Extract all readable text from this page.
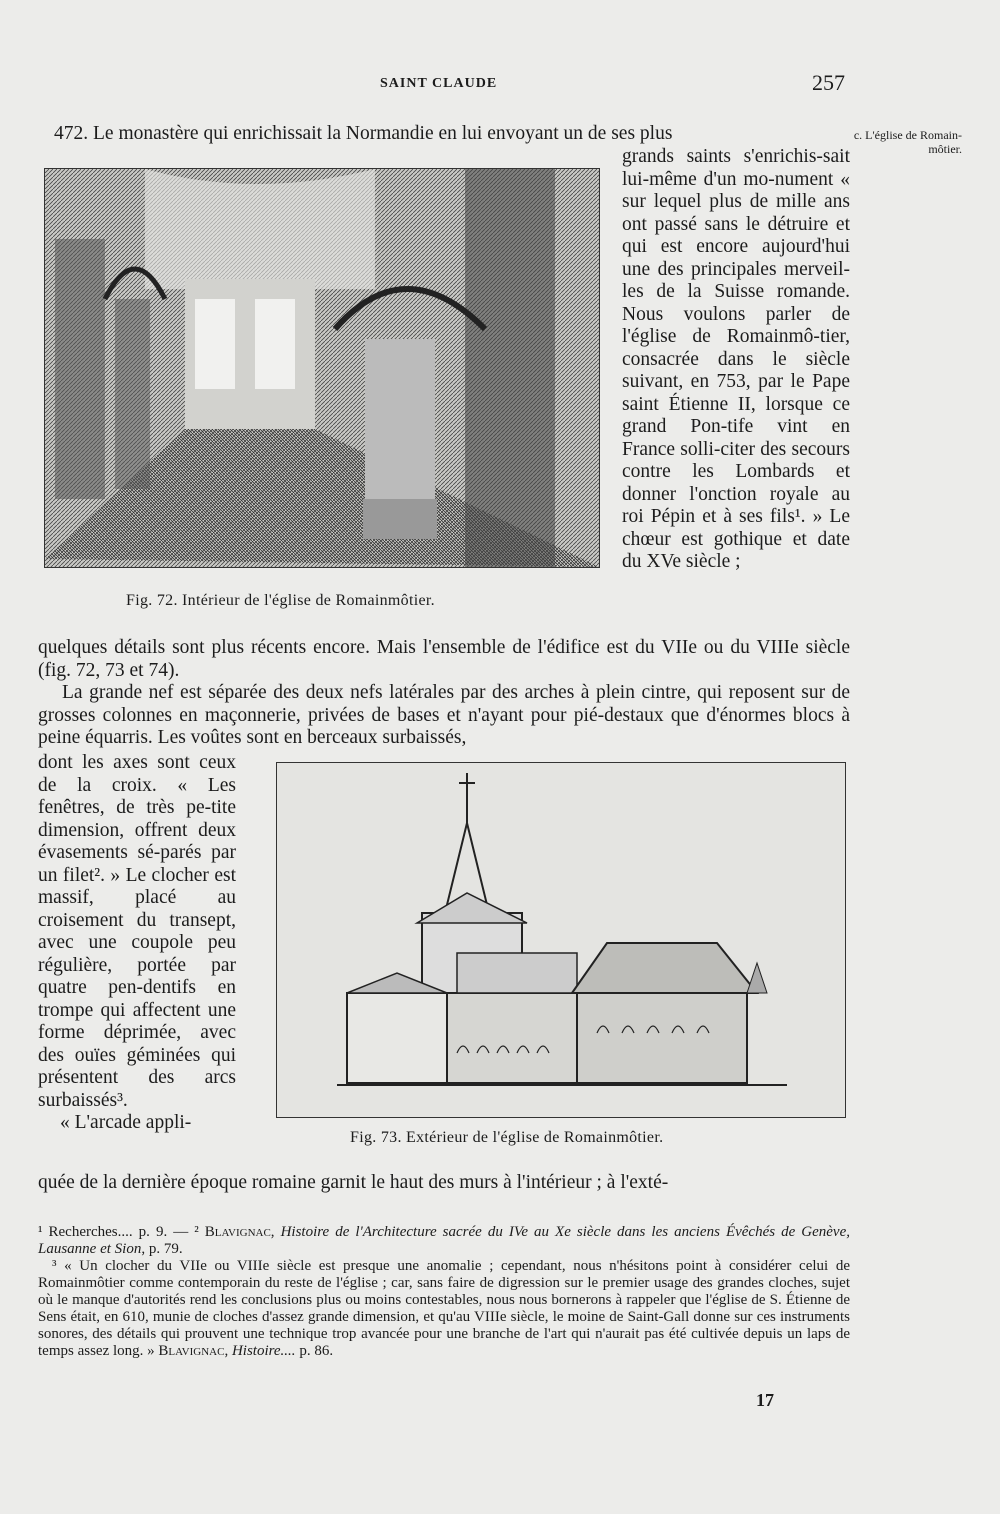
SAINT CLAUDE	257
c. L'église de Romain-môtier.
472. Le monastère qui enrichissait la Normandie en lui envoyant un de ses plus
Fig. 72. Intérieur de l'église de Romainmôtier.
grands saints s'enrichis-sait lui-même d'un mo-nument « sur lequel plus de mille ans ont passé sans le détruire et qui est encore aujourd'hui une des principales merveil-les de la Suisse romande. Nous voulons parler de l'église de Romainmô-tier, consacrée dans le siècle suivant, en 753, par le Pape saint Étienne II, lorsque ce grand Pon-tife vint en France solli-citer des secours contre les Lombards et donner l'onction royale au roi Pépin et à ses fils¹. » Le chœur est gothique et date du XVe siècle ;

quelques détails sont plus récents encore. Mais l'ensemble de l'édifice est du VIIe ou du VIIIe siècle (fig. 72, 73 et 74).

La grande nef est séparée des deux nefs latérales par des arches à plein cintre, qui reposent sur de grosses colonnes en maçonnerie, privées de bases et n'ayant pour pié-destaux que d'énormes blocs à peine équarris. Les voûtes sont en berceaux surbaissés,

dont les axes sont ceux de la croix. « Les fenêtres, de très pe-tite dimension, offrent deux évasements sé-parés par un filet². » Le clocher est massif, placé au croisement du transept, avec une coupole peu régulière, portée par quatre pen-dentifs en trompe qui affectent une forme déprimée, avec des ouïes géminées qui présentent des arcs surbaissés³.

« L'arcade appli-

Fig. 73. Extérieur de l'église de Romainmôtier.
quée de la dernière époque romaine garnit le haut des murs à l'intérieur ; à l'exté-

¹ Recherches.... p. 9. — ² Blavignac, Histoire de l'Architecture sacrée du IVe au Xe siècle dans les anciens Évêchés de Genève, Lausanne et Sion, p. 79.

³ « Un clocher du VIIe ou VIIIe siècle est presque une anomalie ; cependant, nous n'hésitons point à considérer celui de Romainmôtier comme contemporain du reste de l'église ; car, sans faire de digression sur le premier usage des grandes cloches, sujet où le manque d'autorités rend les conclusions plus ou moins contestables, nous nous bornerons à rappeler que l'église de S. Étienne de Sens était, en 610, munie de cloches d'assez grande dimension, et qu'au VIIIe siècle, le moine de Saint-Gall donne sur ces instruments sonores, des détails qui prouvent une technique trop avancée pour une branche de l'art qui n'aurait pas été cultivée depuis un laps de temps assez long. » Blavignac, Histoire.... p. 86.

17
